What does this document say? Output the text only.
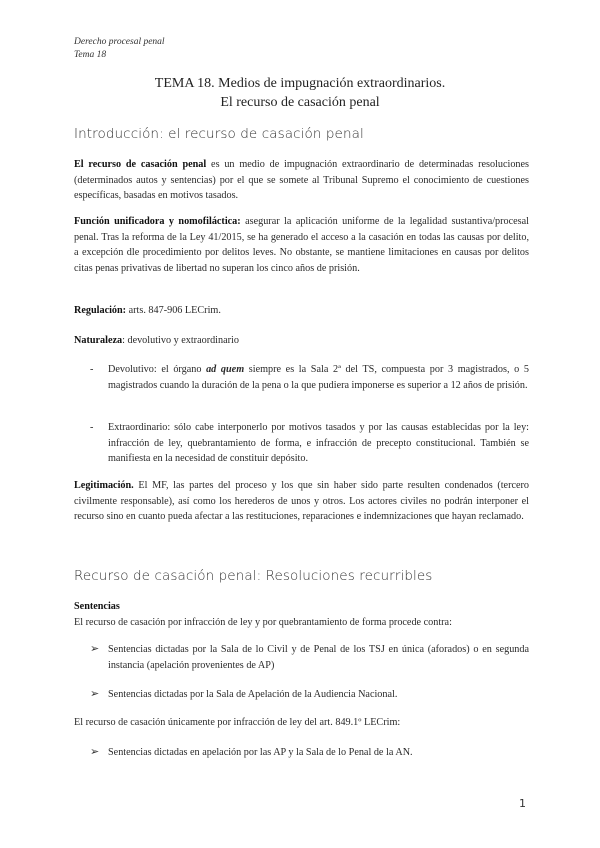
Derecho procesal penal
Tema 18
TEMA 18. Medios de impugnación extraordinarios.
El recurso de casación penal
Introducción: el recurso de casación penal
El recurso de casación penal es un medio de impugnación extraordinario de determinadas resoluciones (determinados autos y sentencias) por el que se somete al Tribunal Supremo el conocimiento de cuestiones específicas, basadas en motivos tasados.
Función unificadora y nomofiláctica: asegurar la aplicación uniforme de la legalidad sustantiva/procesal penal. Tras la reforma de la Ley 41/2015, se ha generado el acceso a la casación en todas las causas por delito, a excepción dle procedimiento por delitos leves. No obstante, se mantiene limitaciones en causas por delitos citas penas privativas de libertad no superan los cinco años de prisión.
Regulación: arts. 847-906 LECrim.
Naturaleza: devolutivo y extraordinario
- Devolutivo: el órgano ad quem siempre es la Sala 2ª del TS, compuesta por 3 magistrados, o 5 magistrados cuando la duración de la pena o la que pudiera imponerse es superior a 12 años de prisión.
- Extraordinario: sólo cabe interponerlo por motivos tasados y por las causas establecidas por la ley: infracción de ley, quebrantamiento de forma, e infracción de precepto constitucional. También se manifiesta en la necesidad de constituir depósito.
Legitimación. El MF, las partes del proceso y los que sin haber sido parte resulten condenados (tercero civilmente responsable), así como los herederos de unos y otros. Los actores civiles no podrán interponer el recurso sino en cuanto pueda afectar a las restituciones, reparaciones e indemnizaciones que hayan reclamado.
Recurso de casación penal: Resoluciones recurribles
Sentencias
El recurso de casación por infracción de ley y por quebrantamiento de forma procede contra:
➢ Sentencias dictadas por la Sala de lo Civil y de Penal de los TSJ en única (aforados) o en segunda instancia (apelación provenientes de AP)
➢ Sentencias dictadas por la Sala de Apelación de la Audiencia Nacional.
El recurso de casación únicamente por infracción de ley del art. 849.1º LECrim:
➢ Sentencias dictadas en apelación por las AP y la Sala de lo Penal de la AN.
1
